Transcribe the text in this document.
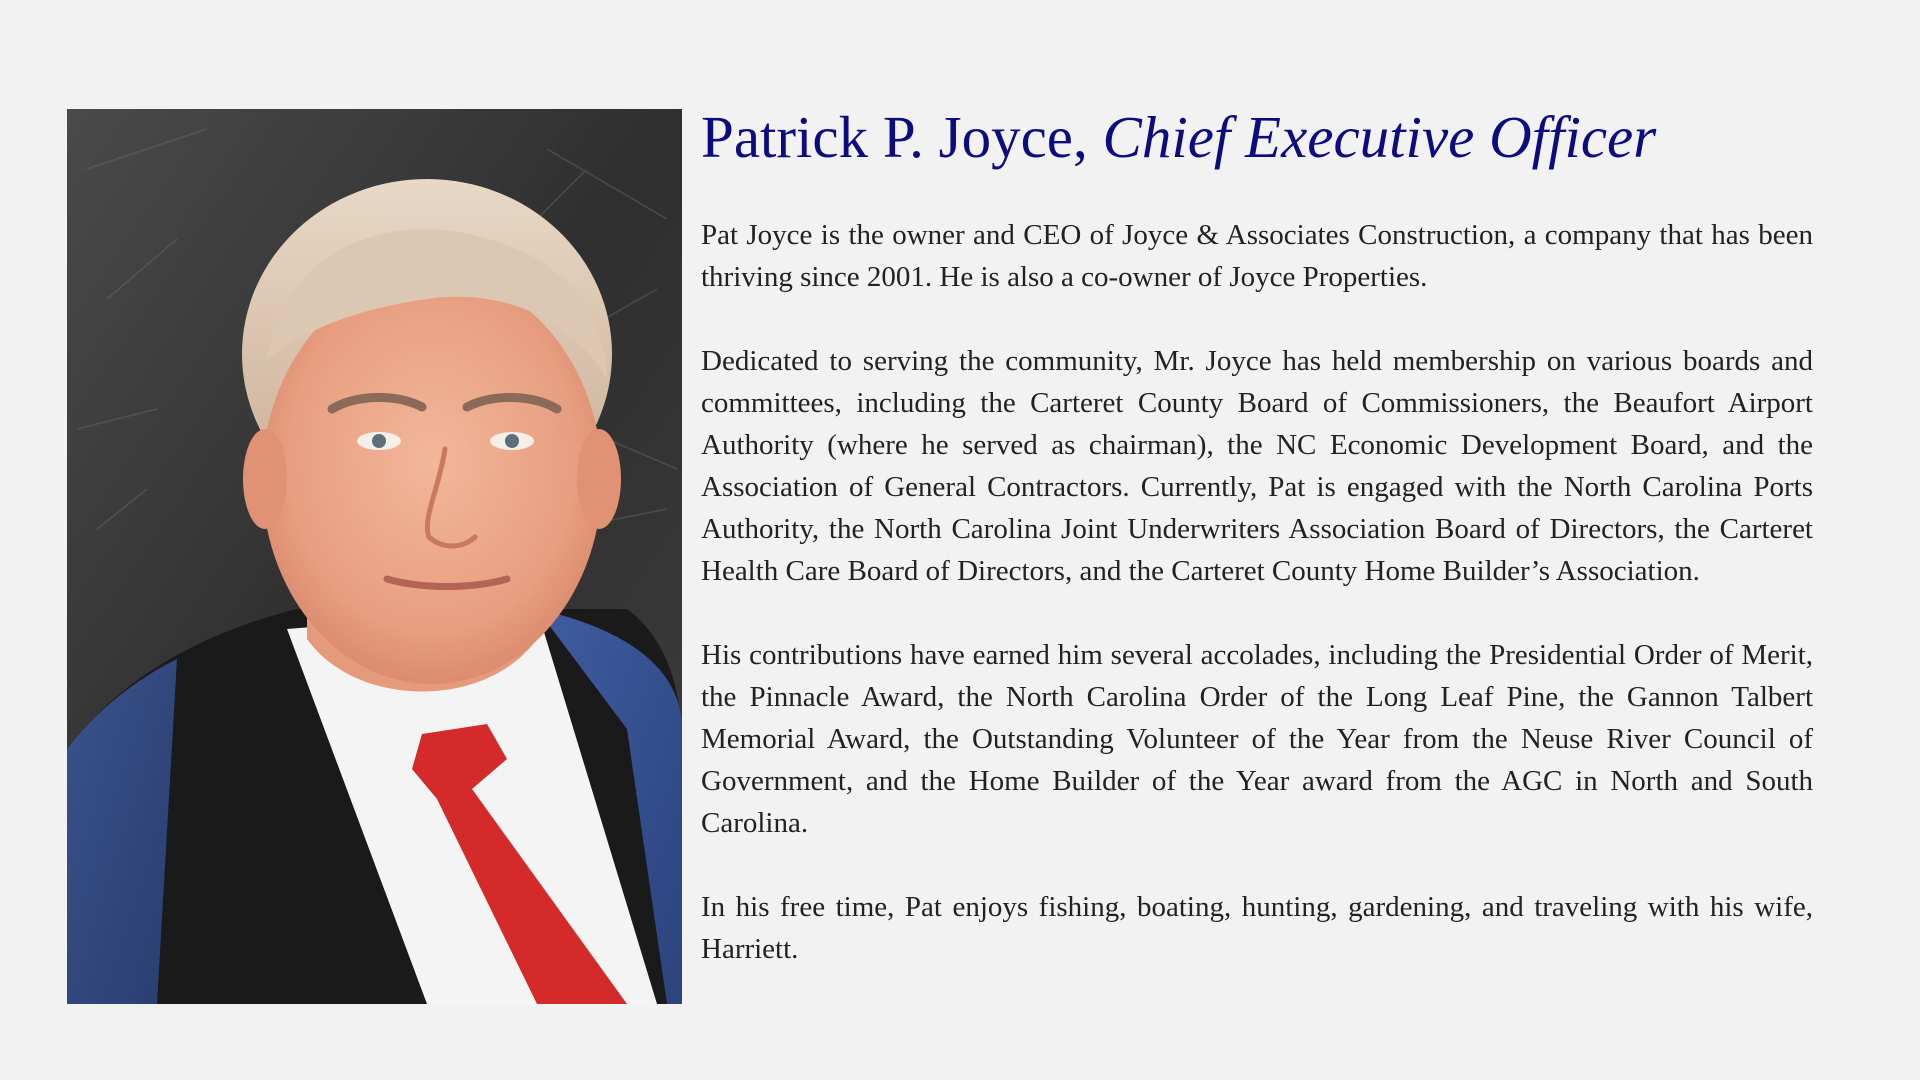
Patrick P. Joyce, Chief Executive Officer

Pat Joyce is the owner and CEO of Joyce & Associates Construction, a company that has been thriving since 2001. He is also a co-owner of Joyce Properties.

Dedicated to serving the community, Mr. Joyce has held membership on various boards and committees, including the Carteret County Board of Commissioners, the Beaufort Airport Authority (where he served as chairman), the NC Economic Development Board, and the Association of General Contractors. Currently, Pat is engaged with the North Carolina Ports Authority, the North Carolina Joint Underwriters Association Board of Directors, the Carteret Health Care Board of Directors, and the Carteret County Home Builder’s Association.

His contributions have earned him several accolades, including the Presidential Order of Merit, the Pinnacle Award, the North Carolina Order of the Long Leaf Pine, the Gannon Talbert Memorial Award, the Outstanding Volunteer of the Year from the Neuse River Council of Government, and the Home Builder of the Year award from the AGC in North and South Carolina.

In his free time, Pat enjoys fishing, boating, hunting, gardening, and traveling with his wife, Harriett.
